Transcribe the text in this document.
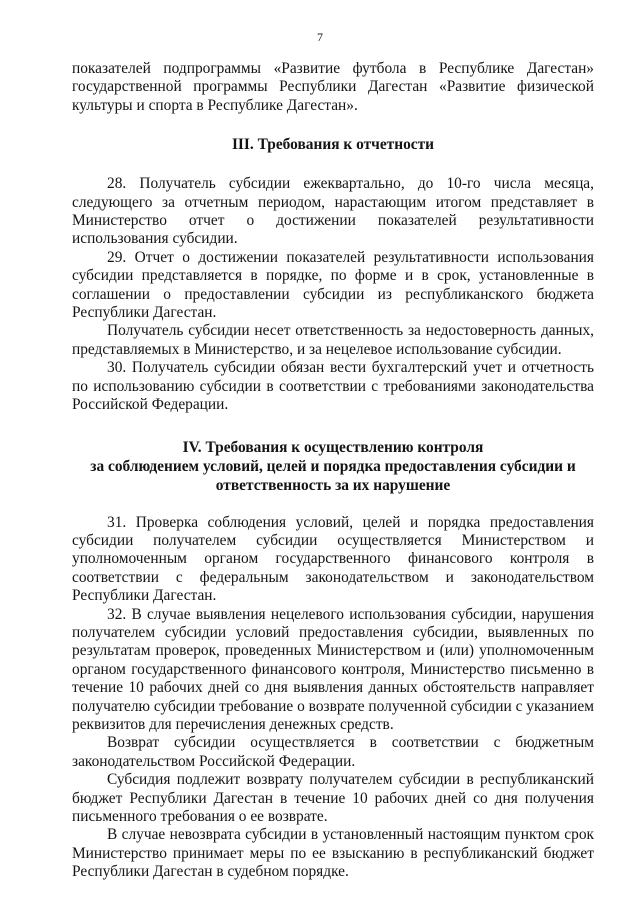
7

показателей подпрограммы «Развитие футбола в Республике Дагестан» государственной программы Республики Дагестан «Развитие физической культуры и спорта в Республике Дагестан».

III. Требования к отчетности

28. Получатель субсидии ежеквартально, до 10-го числа месяца, следующего за отчетным периодом, нарастающим итогом представляет в Министерство отчет о достижении показателей результативности использования субсидии.

29. Отчет о достижении показателей результативности использования субсидии представляется в порядке, по форме и в срок, установленные в соглашении о предоставлении субсидии из республиканского бюджета Республики Дагестан.

Получатель субсидии несет ответственность за недостоверность данных, представляемых в Министерство, и за нецелевое использование субсидии.

30. Получатель субсидии обязан вести бухгалтерский учет и отчетность по использованию субсидии в соответствии с требованиями законодательства Российской Федерации.

IV. Требования к осуществлению контроля
за соблюдением условий, целей и порядка предоставления субсидии и
ответственность за их нарушение

31. Проверка соблюдения условий, целей и порядка предоставления субсидии получателем субсидии осуществляется Министерством и уполномоченным органом государственного финансового контроля в соответствии с федеральным законодательством и законодательством Республики Дагестан.

32. В случае выявления нецелевого использования субсидии, нарушения получателем субсидии условий предоставления субсидии, выявленных по результатам проверок, проведенных Министерством и (или) уполномоченным органом государственного финансового контроля, Министерство письменно в течение 10 рабочих дней со дня выявления данных обстоятельств направляет получателю субсидии требование о возврате полученной субсидии с указанием реквизитов для перечисления денежных средств.

Возврат субсидии осуществляется в соответствии с бюджетным законодательством Российской Федерации.

Субсидия подлежит возврату получателем субсидии в республиканский бюджет Республики Дагестан в течение 10 рабочих дней со дня получения письменного требования о ее возврате.

В случае невозврата субсидии в установленный настоящим пунктом срок Министерство принимает меры по ее взысканию в республиканский бюджет Республики Дагестан в судебном порядке.
